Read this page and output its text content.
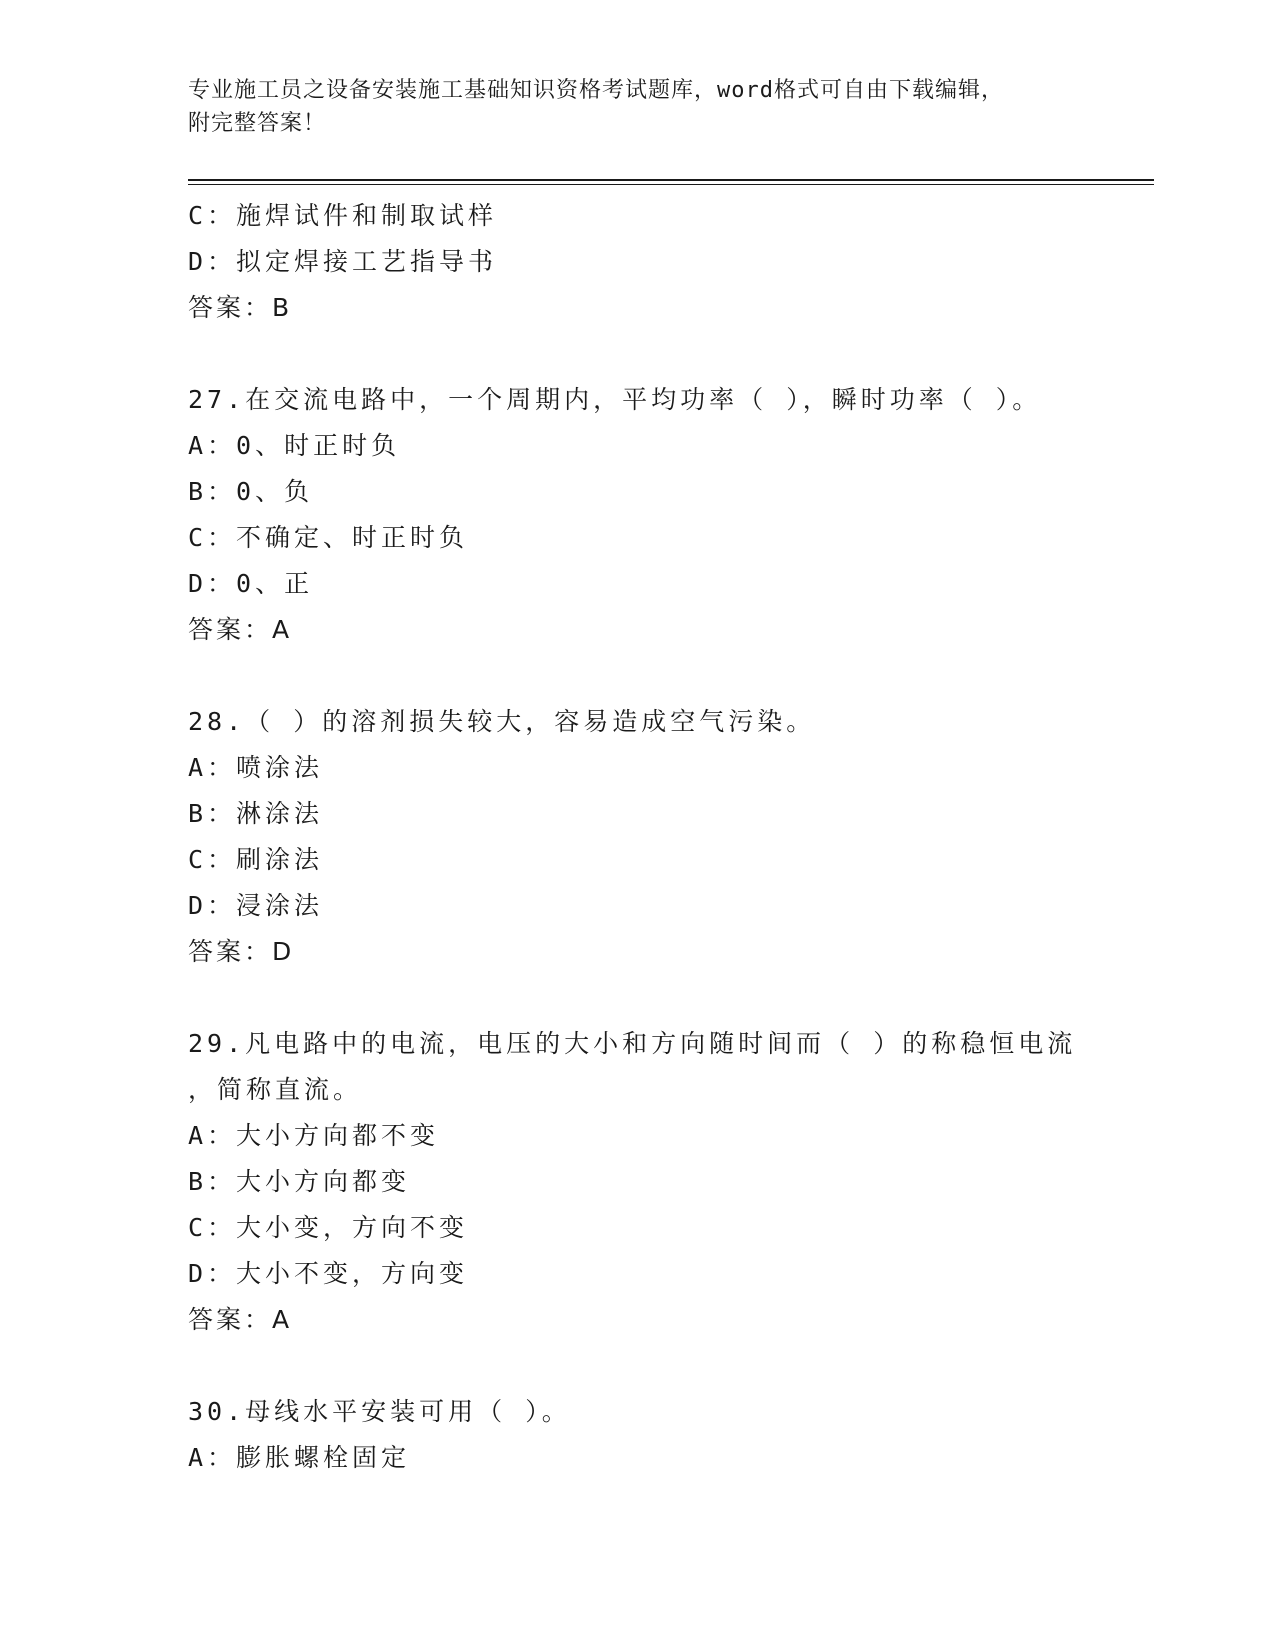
专业施工员之设备安装施工基础知识资格考试题库，word格式可自由下载编辑，
附完整答案！
C：施焊试件和制取试样
D：拟定焊接工艺指导书
答案：B
27.在交流电路中，一个周期内，平均功率（ ），瞬时功率（ ）。
A：0、时正时负
B：0、负
C：不确定、时正时负
D：0、正
答案：A
28.（ ）的溶剂损失较大，容易造成空气污染。
A：喷涂法
B：淋涂法
C：刷涂法
D：浸涂法
答案：D
29.凡电路中的电流，电压的大小和方向随时间而（ ）的称稳恒电流
，简称直流。
A：大小方向都不变
B：大小方向都变
C：大小变，方向不变
D：大小不变，方向变
答案：A
30.母线水平安装可用（ ）。
A：膨胀螺栓固定
